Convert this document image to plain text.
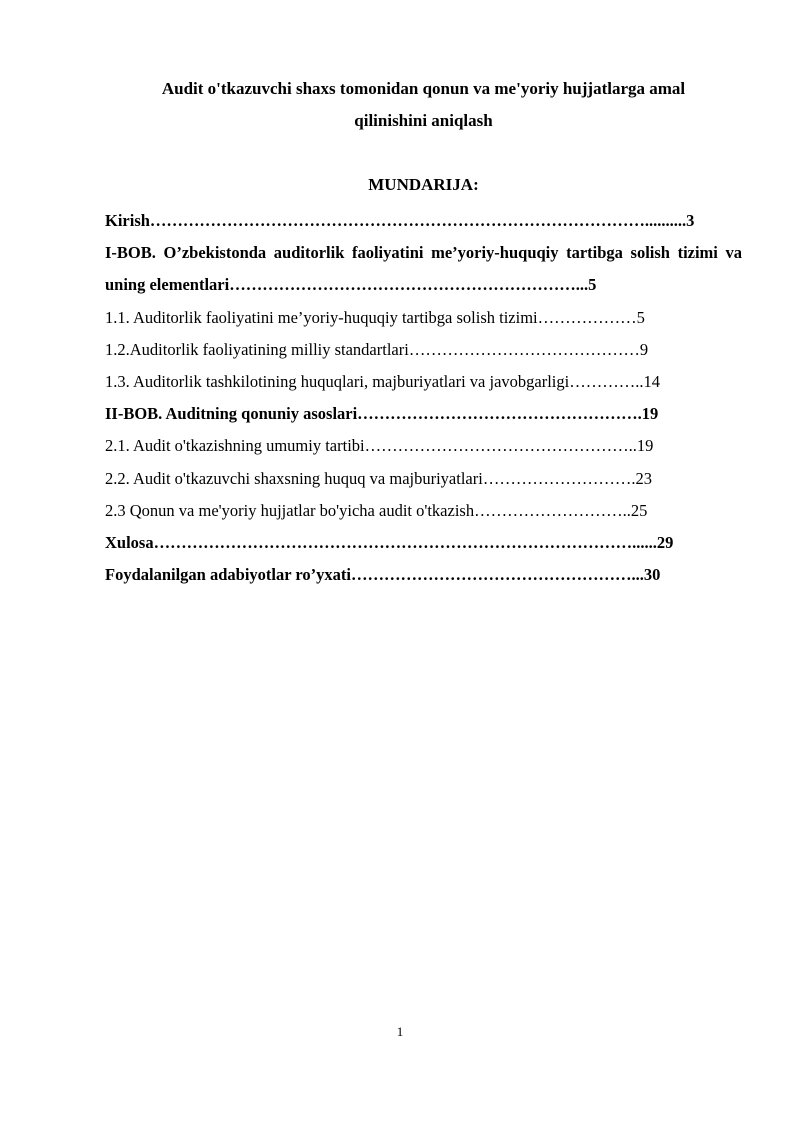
Audit o'tkazuvchi shaxs tomonidan qonun va me'yoriy hujjatlarga amal
qilinishini aniqlash
MUNDARIJA:
Kirish………………………………………………………………………………..........3
I-BOB. O’zbekistonda auditorlik faoliyatini me’yoriy-huquqiy tartibga solish tizimi va uning elementlari………………………………………………………...5
1.1. Auditorlik faoliyatini me’yoriy-huquqiy tartibga solish tizimi………………5
1.2.Auditorlik faoliyatining milliy standartlari……………………………………9
1.3. Auditorlik tashkilotining huquqlari, majburiyatlari va javobgarligi…………..14
II-BOB. Auditning qonuniy asoslari…………………………………………….19
2.1. Audit o'tkazishning umumiy tartibi…………………………………………..19
2.2. Audit o'tkazuvchi shaxsning huquq va majburiyatlari……………………….23
2.3 Qonun va me'yoriy hujjatlar bo'yicha audit o'tkazish………………………..25
Xulosa……………………………………………………………………………......29
Foydalanilgan adabiyotlar ro’yxati……………………………………………...30
1
